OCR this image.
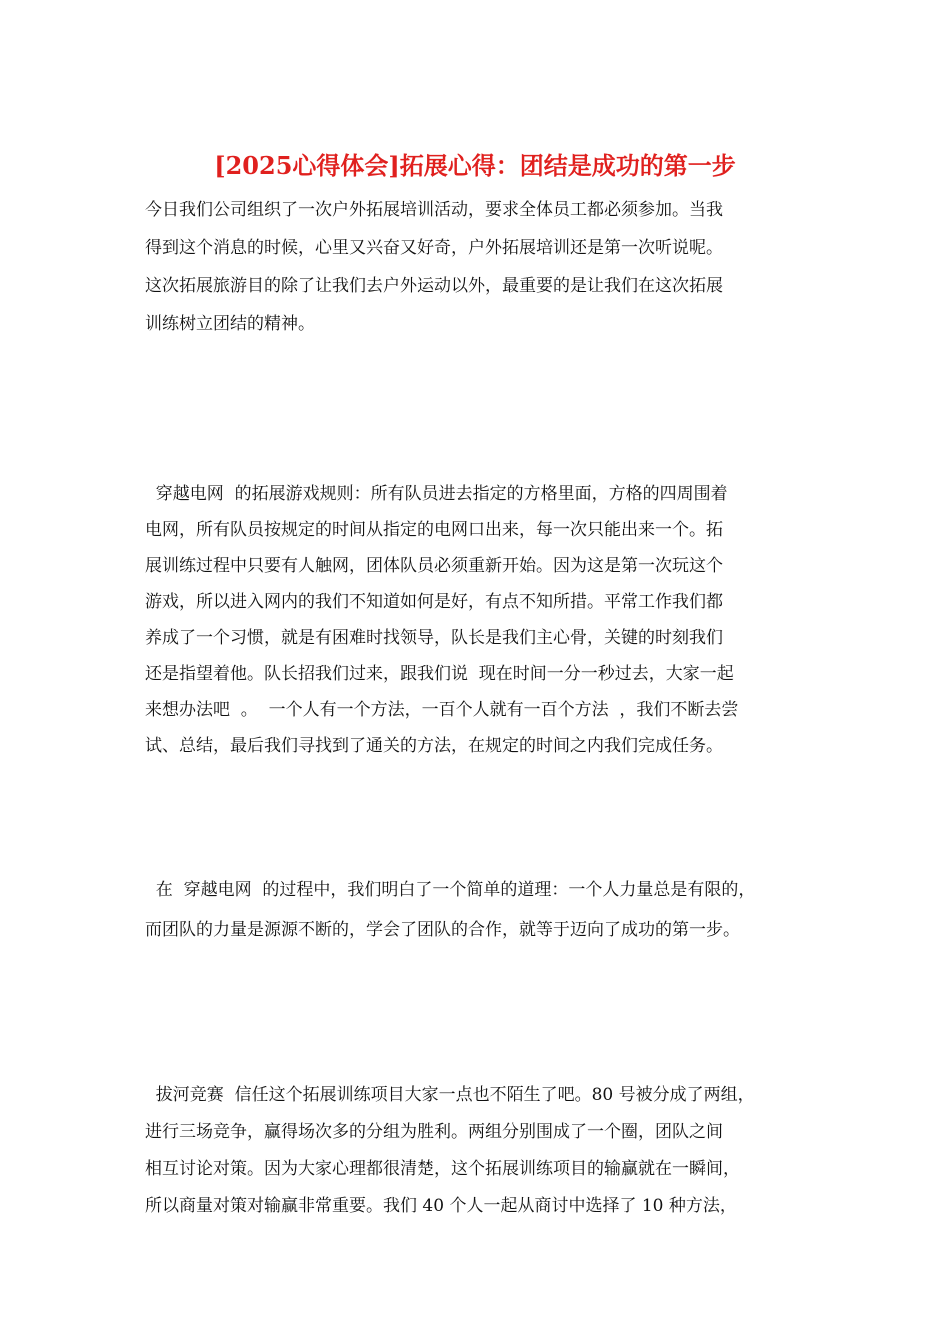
[2025心得体会]拓展心得：团结是成功的第一步
今日我们公司组织了一次户外拓展培训活动，要求全体员工都必须参加。当我
得到这个消息的时候，心里又兴奋又好奇，户外拓展培训还是第一次听说呢。
这次拓展旅游目的除了让我们去户外运动以外，最重要的是让我们在这次拓展
训练树立团结的精神。
穿越电网  的拓展游戏规则：所有队员进去指定的方格里面，方格的四周围着
电网，所有队员按规定的时间从指定的电网口出来，每一次只能出来一个。拓
展训练过程中只要有人触网，团体队员必须重新开始。因为这是第一次玩这个
游戏，所以进入网内的我们不知道如何是好，有点不知所措。平常工作我们都
养成了一个习惯，就是有困难时找领导，队长是我们主心骨，关键的时刻我们
还是指望着他。队长招我们过来，跟我们说  现在时间一分一秒过去，大家一起
来想办法吧  。  一个人有一个方法，一百个人就有一百个方法  ，我们不断去尝
试、总结，最后我们寻找到了通关的方法，在规定的时间之内我们完成任务。
在  穿越电网  的过程中，我们明白了一个简单的道理：一个人力量总是有限的，
而团队的力量是源源不断的，学会了团队的合作，就等于迈向了成功的第一步。
拔河竞赛  信任这个拓展训练项目大家一点也不陌生了吧。80 号被分成了两组，
进行三场竞争，赢得场次多的分组为胜利。两组分别围成了一个圈，团队之间
相互讨论对策。因为大家心理都很清楚，这个拓展训练项目的输赢就在一瞬间，
所以商量对策对输赢非常重要。我们 40 个人一起从商讨中选择了 10 种方法，
